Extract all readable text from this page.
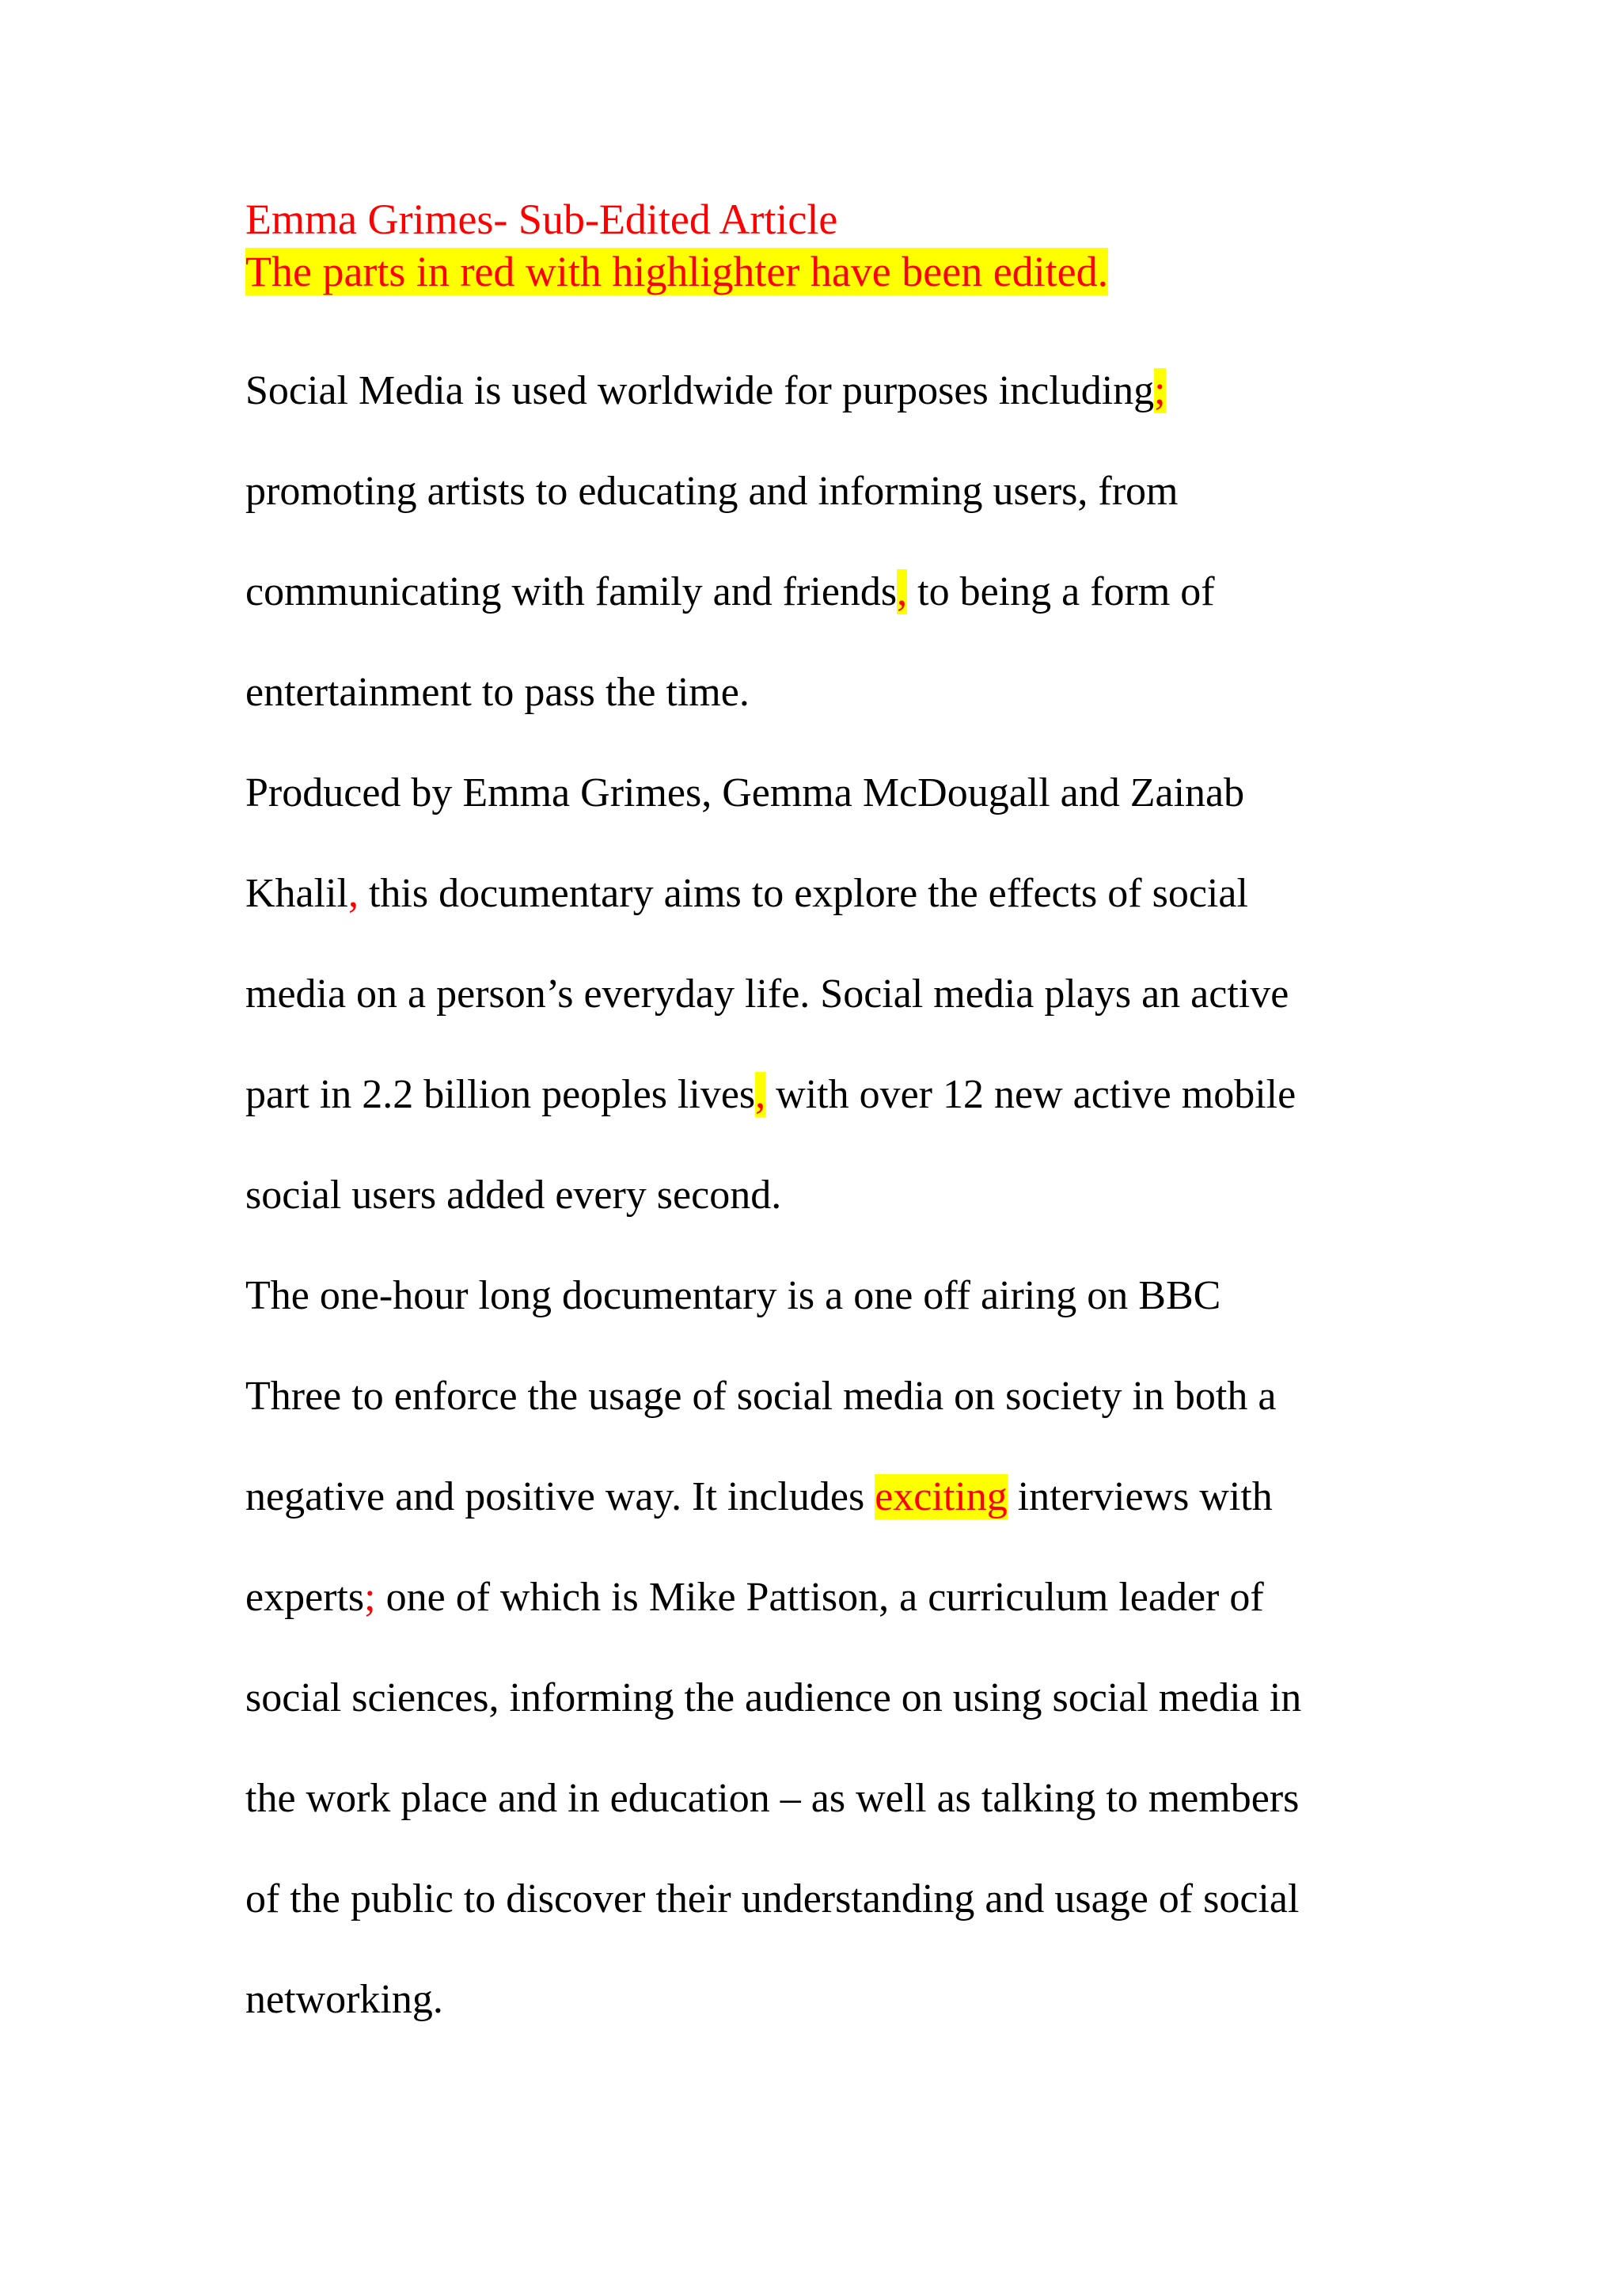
Emma Grimes- Sub-Edited Article
The parts in red with highlighter have been edited.
Social Media is used worldwide for purposes including;
promoting artists to educating and informing users, from
communicating with family and friends, to being a form of
entertainment to pass the time.
Produced by Emma Grimes, Gemma McDougall and Zainab
Khalil, this documentary aims to explore the effects of social
media on a person’s everyday life. Social media plays an active
part in 2.2 billion peoples lives, with over 12 new active mobile
social users added every second.
The one-hour long documentary is a one off airing on BBC
Three to enforce the usage of social media on society in both a
negative and positive way. It includes exciting interviews with
experts; one of which is Mike Pattison, a curriculum leader of
social sciences, informing the audience on using social media in
the work place and in education – as well as talking to members
of the public to discover their understanding and usage of social
networking.
